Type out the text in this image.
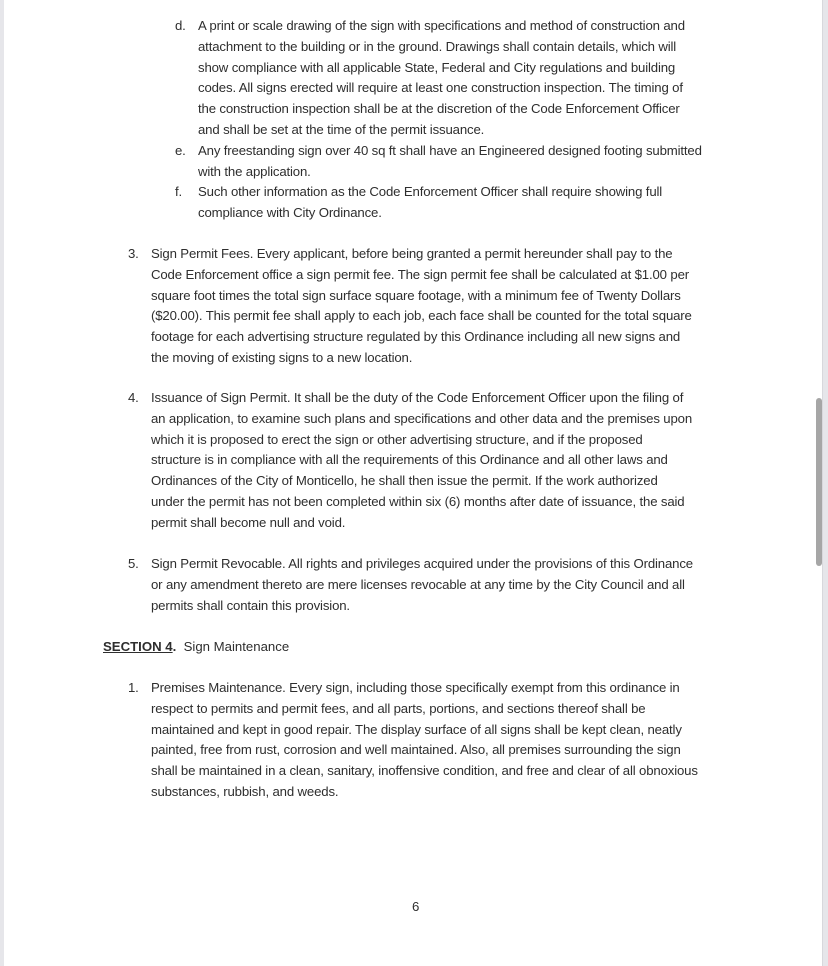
d. A print or scale drawing of the sign with specifications and method of construction and
attachment to the building or in the ground. Drawings shall contain details, which will
show compliance with all applicable State, Federal and City regulations and building
codes. All signs erected will require at least one construction inspection. The timing of
the construction inspection shall be at the discretion of the Code Enforcement Officer
and shall be set at the time of the permit issuance.
e. Any freestanding sign over 40 sq ft shall have an Engineered designed footing submitted
with the application.
f. Such other information as the Code Enforcement Officer shall require showing full
compliance with City Ordinance.
3. Sign Permit Fees. Every applicant, before being granted a permit hereunder shall pay to the
Code Enforcement office a sign permit fee. The sign permit fee shall be calculated at $1.00 per
square foot times the total sign surface square footage, with a minimum fee of Twenty Dollars
($20.00). This permit fee shall apply to each job, each face shall be counted for the total square
footage for each advertising structure regulated by this Ordinance including all new signs and
the moving of existing signs to a new location.
4. Issuance of Sign Permit. It shall be the duty of the Code Enforcement Officer upon the filing of
an application, to examine such plans and specifications and other data and the premises upon
which it is proposed to erect the sign or other advertising structure, and if the proposed
structure is in compliance with all the requirements of this Ordinance and all other laws and
Ordinances of the City of Monticello, he shall then issue the permit. If the work authorized
under the permit has not been completed within six (6) months after date of issuance, the said
permit shall become null and void.
5. Sign Permit Revocable. All rights and privileges acquired under the provisions of this Ordinance
or any amendment thereto are mere licenses revocable at any time by the City Council and all
permits shall contain this provision.
SECTION 4.  Sign Maintenance
1. Premises Maintenance. Every sign, including those specifically exempt from this ordinance in
respect to permits and permit fees, and all parts, portions, and sections thereof shall be
maintained and kept in good repair. The display surface of all signs shall be kept clean, neatly
painted, free from rust, corrosion and well maintained. Also, all premises surrounding the sign
shall be maintained in a clean, sanitary, inoffensive condition, and free and clear of all obnoxious
substances, rubbish, and weeds.
6
